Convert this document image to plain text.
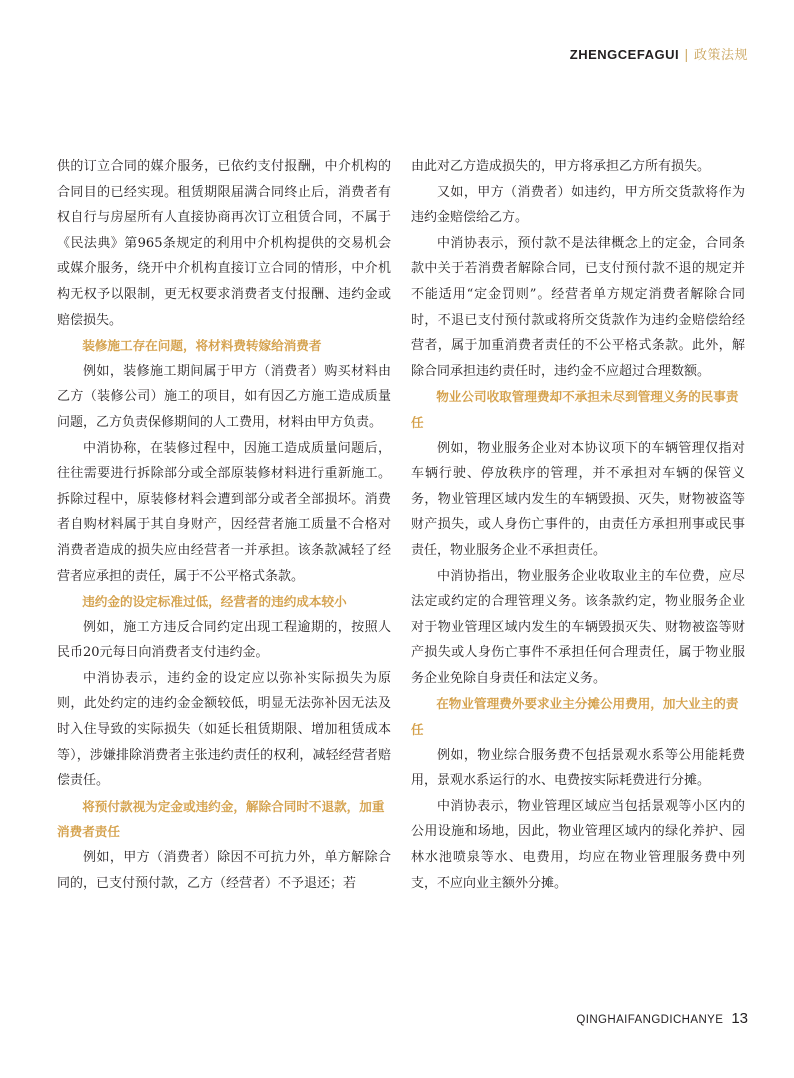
ZHENGCEFAGUI | 政策法规

供的订立合同的媒介服务，已依约支付报酬，中介机构的合同目的已经实现。租赁期限届满合同终止后，消费者有权自行与房屋所有人直接协商再次订立租赁合同，不属于《民法典》第965条规定的利用中介机构提供的交易机会或媒介服务，绕开中介机构直接订立合同的情形，中介机构无权予以限制，更无权要求消费者支付报酬、违约金或赔偿损失。

装修施工存在问题，将材料费转嫁给消费者

例如，装修施工期间属于甲方（消费者）购买材料由乙方（装修公司）施工的项目，如有因乙方施工造成质量问题，乙方负责保修期间的人工费用，材料由甲方负责。

中消协称，在装修过程中，因施工造成质量问题后，往往需要进行拆除部分或全部原装修材料进行重新施工。拆除过程中，原装修材料会遭到部分或者全部损坏。消费者自购材料属于其自身财产，因经营者施工质量不合格对消费者造成的损失应由经营者一并承担。该条款减轻了经营者应承担的责任，属于不公平格式条款。

违约金的设定标准过低，经营者的违约成本较小

例如，施工方违反合同约定出现工程逾期的，按照人民币20元每日向消费者支付违约金。

中消协表示，违约金的设定应以弥补实际损失为原则，此处约定的违约金金额较低，明显无法弥补因无法及时入住导致的实际损失（如延长租赁期限、增加租赁成本等），涉嫌排除消费者主张违约责任的权利，减轻经营者赔偿责任。

将预付款视为定金或违约金，解除合同时不退款，加重消费者责任

例如，甲方（消费者）除因不可抗力外，单方解除合同的，已支付预付款，乙方（经营者）不予退还；若

由此对乙方造成损失的，甲方将承担乙方所有损失。

又如，甲方（消费者）如违约，甲方所交货款将作为违约金赔偿给乙方。

中消协表示，预付款不是法律概念上的定金，合同条款中关于若消费者解除合同，已支付预付款不退的规定并不能适用“定金罚则”。经营者单方规定消费者解除合同时，不退已支付预付款或将所交货款作为违约金赔偿给经营者，属于加重消费者责任的不公平格式条款。此外，解除合同承担违约责任时，违约金不应超过合理数额。

物业公司收取管理费却不承担未尽到管理义务的民事责任

例如，物业服务企业对本协议项下的车辆管理仅指对车辆行驶、停放秩序的管理，并不承担对车辆的保管义务，物业管理区域内发生的车辆毁损、灭失，财物被盗等财产损失，或人身伤亡事件的，由责任方承担刑事或民事责任，物业服务企业不承担责任。

中消协指出，物业服务企业收取业主的车位费，应尽法定或约定的合理管理义务。该条款约定，物业服务企业对于物业管理区域内发生的车辆毁损灭失、财物被盗等财产损失或人身伤亡事件不承担任何合理责任，属于物业服务企业免除自身责任和法定义务。

在物业管理费外要求业主分摊公用费用，加大业主的责任

例如，物业综合服务费不包括景观水系等公用能耗费用，景观水系运行的水、电费按实际耗费进行分摊。

中消协表示，物业管理区域应当包括景观等小区内的公用设施和场地，因此，物业管理区域内的绿化养护、园林水池喷泉等水、电费用，均应在物业管理服务费中列支，不应向业主额外分摊。

QINGHAIFANGDICHANYE 13
